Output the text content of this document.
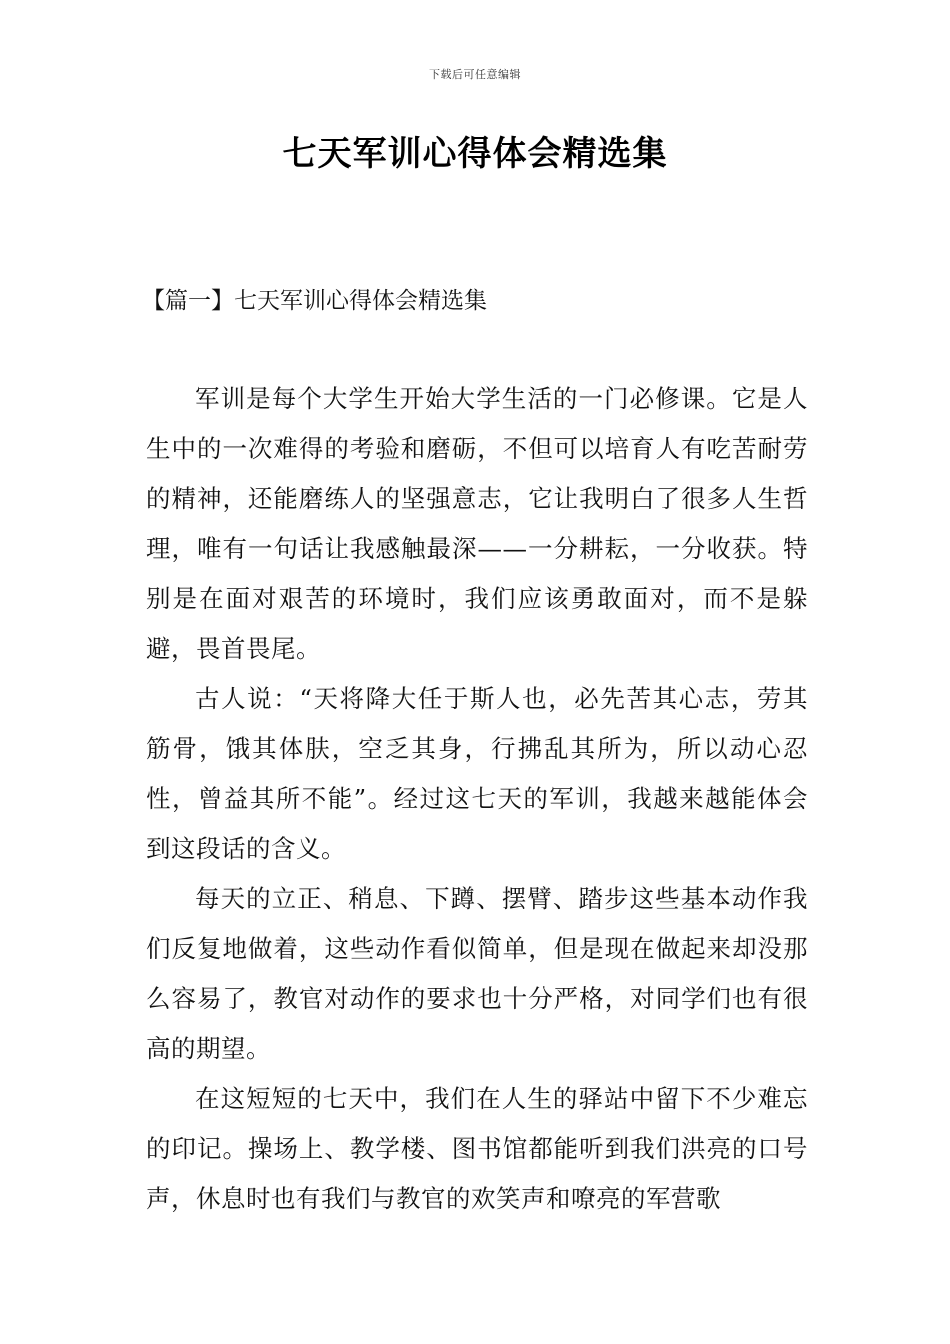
下载后可任意编辑
七天军训心得体会精选集
【篇一】七天军训心得体会精选集

军训是每个大学生开始大学生活的一门必修课。它是人生中的一次难得的考验和磨砺，不但可以培育人有吃苦耐劳的精神，还能磨练人的坚强意志，它让我明白了很多人生哲理，唯有一句话让我感触最深——一分耕耘，一分收获。特别是在面对艰苦的环境时，我们应该勇敢面对，而不是躲避，畏首畏尾。

古人说：“天将降大任于斯人也，必先苦其心志，劳其筋骨，饿其体肤，空乏其身，行拂乱其所为，所以动心忍性，曾益其所不能”。经过这七天的军训，我越来越能体会到这段话的含义。

每天的立正、稍息、下蹲、摆臂、踏步这些基本动作我们反复地做着，这些动作看似简单，但是现在做起来却没那么容易了，教官对动作的要求也十分严格，对同学们也有很高的期望。

在这短短的七天中，我们在人生的驿站中留下不少难忘的印记。操场上、教学楼、图书馆都能听到我们洪亮的口号声，休息时也有我们与教官的欢笑声和嘹亮的军营歌
